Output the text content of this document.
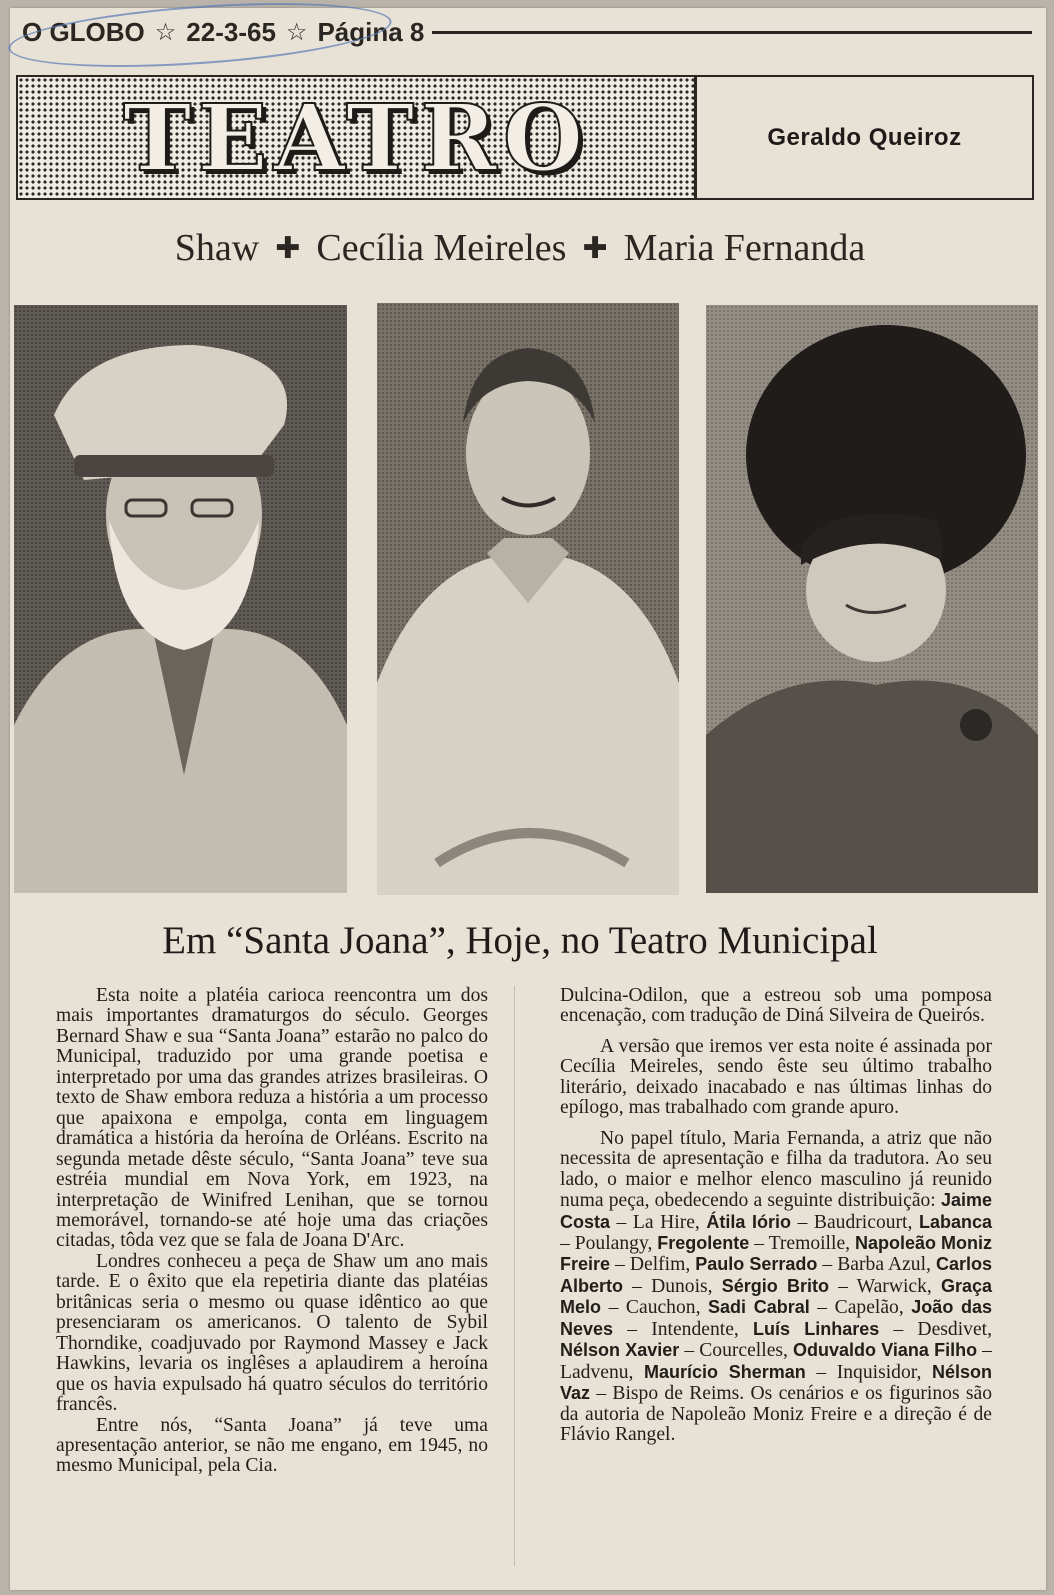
O GLOBO ☆ 22-3-65 ☆ Página 8
TEATRO	Geraldo Queiroz
Shaw ✚ Cecília Meireles ✚ Maria Fernanda
Em “Santa Joana”, Hoje, no Teatro Municipal

Esta noite a platéia carioca reencontra um dos mais importantes dramaturgos do século. Georges Bernard Shaw e sua “Santa Joana” estarão no palco do Municipal, traduzido por uma grande poetisa e interpretado por uma das grandes atrizes brasileiras. O texto de Shaw embora reduza a história a um processo que apaixona e empolga, conta em linguagem dramática a história da heroína de Orléans. Escrito na segunda metade dêste século, “Santa Joana” teve sua estréia mundial em Nova York, em 1923, na interpretação de Winifred Lenihan, que se tornou memorável, tornando-se até hoje uma das criações citadas, tôda vez que se fala de Joana D'Arc.

Londres conheceu a peça de Shaw um ano mais tarde. E o êxito que ela repetiria diante das platéias britânicas seria o mesmo ou quase idêntico ao que presenciaram os americanos. O talento de Sybil Thorndike, coadjuvado por Raymond Massey e Jack Hawkins, levaria os inglêses a aplaudirem a heroína que os havia expulsado há quatro séculos do território francês.

Entre nós, “Santa Joana” já teve uma apresentação anterior, se não me engano, em 1945, no mesmo Municipal, pela Cia.

Dulcina-Odilon, que a estreou sob uma pomposa encenação, com tradução de Diná Silveira de Queirós.

A versão que iremos ver esta noite é assinada por Cecília Meireles, sendo êste seu último trabalho literário, deixado inacabado e nas últimas linhas do epílogo, mas trabalhado com grande apuro.

No papel título, Maria Fernanda, a atriz que não necessita de apresentação e filha da tradutora. Ao seu lado, o maior e melhor elenco masculino já reunido numa peça, obedecendo a seguinte distribuição: Jaime Costa – La Hire, Átila Iório – Baudricourt, Labanca – Poulangy, Fregolente – Tremoille, Napoleão Moniz Freire – Delfim, Paulo Serrado – Barba Azul, Carlos Alberto – Dunois, Sérgio Brito – Warwick, Graça Melo – Cauchon, Sadi Cabral – Capelão, João das Neves – Intendente, Luís Linhares – Desdivet, Nélson Xavier – Courcelles, Oduvaldo Viana Filho – Ladvenu, Maurício Sherman – Inquisidor, Nélson Vaz – Bispo de Reims. Os cenários e os figurinos são da autoria de Napoleão Moniz Freire e a direção é de Flávio Rangel.
